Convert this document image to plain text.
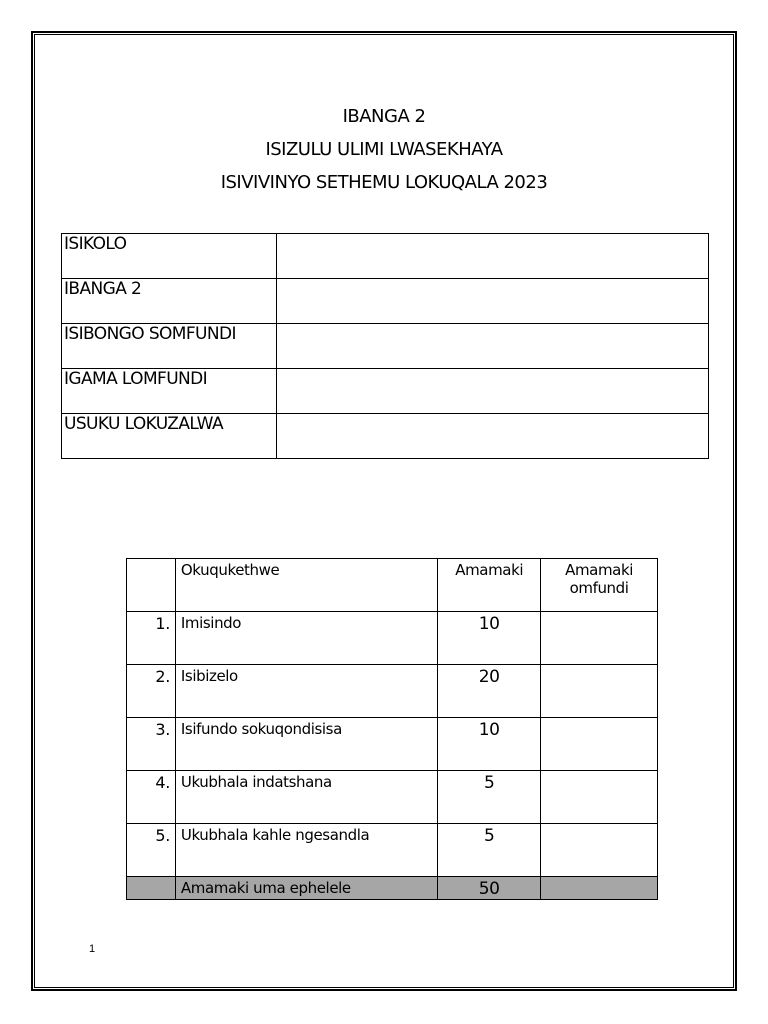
IBANGA 2
ISIZULU ULIMI LWASEKHAYA
ISIVIVINYO SETHEMU LOKUQALA 2023
ISIKOLO	
IBANGA 2	
ISIBONGO SOMFUNDI	
IGAMA LOMFUNDI	
USUKU LOKUZALWA	
	Okuqukethwe	Amamaki	Amamaki omfundi
1.	Imisindo	10	
2.	Isibizelo	20	
3.	Isifundo sokuqondisisa	10	
4.	Ukubhala indatshana	5	
5.	Ukubhala kahle ngesandla	5	
	Amamaki uma ephelele	50	
1
